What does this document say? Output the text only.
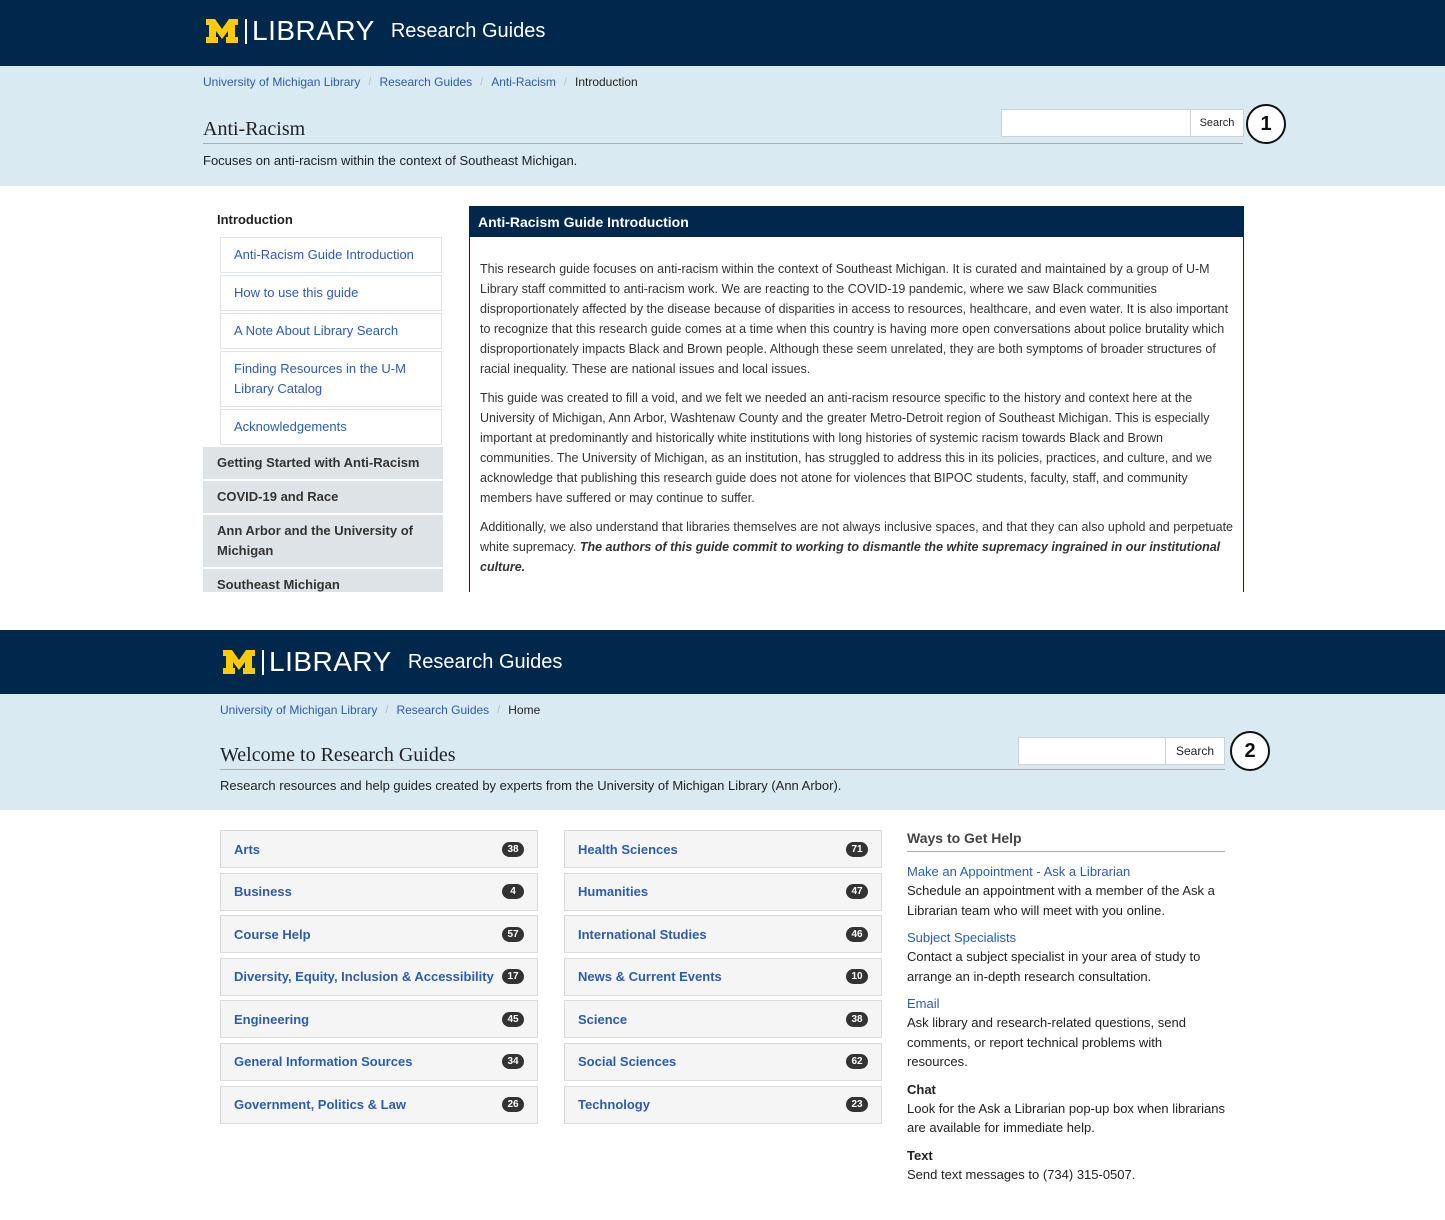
LIBRARY Research Guides
University of Michigan Library / Research Guides / Anti-Racism / Introduction
Anti-Racism
Focuses on anti-racism within the context of Southeast Michigan.
Search	1
Introduction
Anti-Racism Guide Introduction
How to use this guide
A Note About Library Search
Finding Resources in the U-M Library Catalog
Acknowledgements
Getting Started with Anti-Racism
COVID-19 and Race
Ann Arbor and the University of Michigan
Southeast Michigan
Anti-Racism Guide Introduction

This research guide focuses on anti-racism within the context of Southeast Michigan. It is curated and maintained by a group of U-M Library staff committed to anti-racism work. We are reacting to the COVID-19 pandemic, where we saw Black communities disproportionately affected by the disease because of disparities in access to resources, healthcare, and even water. It is also important to recognize that this research guide comes at a time when this country is having more open conversations about police brutality which disproportionately impacts Black and Brown people. Although these seem unrelated, they are both symptoms of broader structures of racial inequality. These are national issues and local issues.

This guide was created to fill a void, and we felt we needed an anti-racism resource specific to the history and context here at the University of Michigan, Ann Arbor, Washtenaw County and the greater Metro-Detroit region of Southeast Michigan. This is especially important at predominantly and historically white institutions with long histories of systemic racism towards Black and Brown communities. The University of Michigan, as an institution, has struggled to address this in its policies, practices, and culture, and we acknowledge that publishing this research guide does not atone for violences that BIPOC students, faculty, staff, and community members have suffered or may continue to suffer.

Additionally, we also understand that libraries themselves are not always inclusive spaces, and that they can also uphold and perpetuate white supremacy. The authors of this guide commit to working to dismantle the white supremacy ingrained in our institutional culture.

LIBRARY Research Guides
University of Michigan Library / Research Guides / Home
Welcome to Research Guides
Research resources and help guides created by experts from the University of Michigan Library (Ann Arbor).
Search	2
Arts	38
Business	4
Course Help	57
Diversity, Equity, Inclusion & Accessibility	17
Engineering	45
General Information Sources	34
Government, Politics & Law	26
Health Sciences	71
Humanities	47
International Studies	46
News & Current Events	10
Science	38
Social Sciences	62
Technology	23
Ways to Get Help
Make an Appointment - Ask a Librarian
Schedule an appointment with a member of the Ask a Librarian team who will meet with you online.
Subject Specialists
Contact a subject specialist in your area of study to arrange an in-depth research consultation.
Email
Ask library and research-related questions, send comments, or report technical problems with resources.
Chat
Look for the Ask a Librarian pop-up box when librarians are available for immediate help.
Text
Send text messages to (734) 315-0507.
